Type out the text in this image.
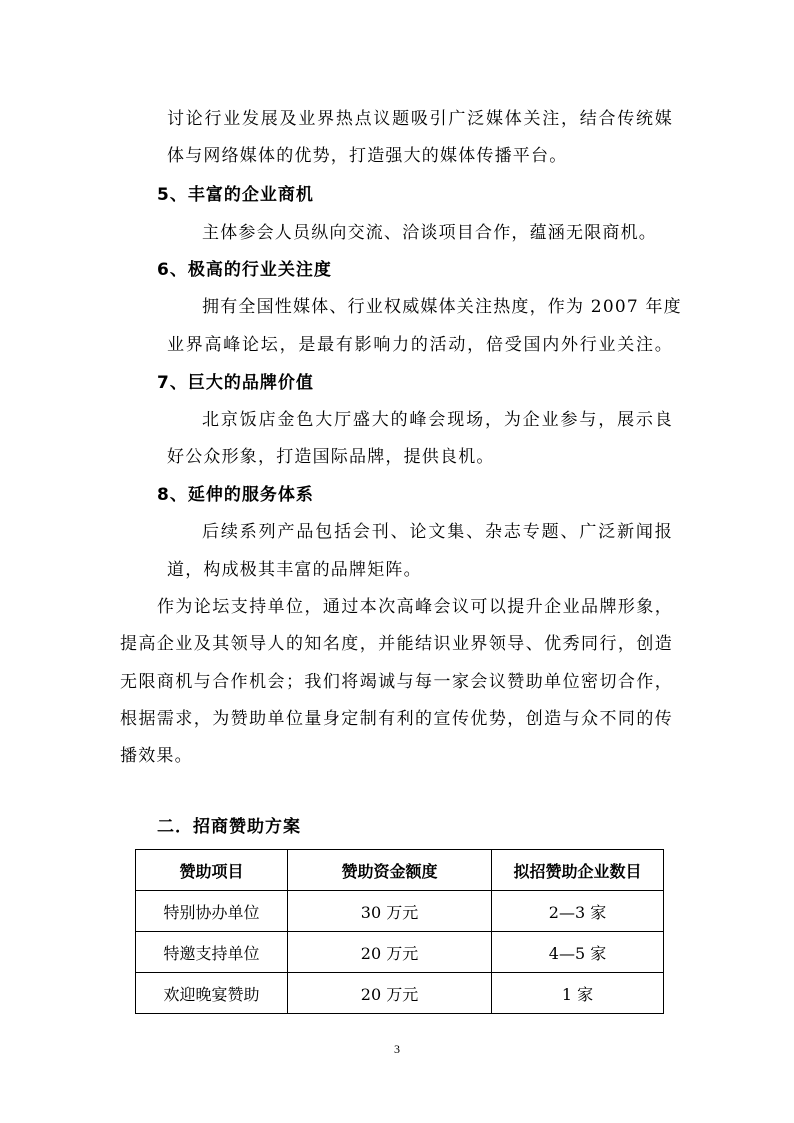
讨论行业发展及业界热点议题吸引广泛媒体关注，结合传统媒
体与网络媒体的优势，打造强大的媒体传播平台。
5、丰富的企业商机
主体参会人员纵向交流、洽谈项目合作，蕴涵无限商机。
6、极高的行业关注度
拥有全国性媒体、行业权威媒体关注热度，作为 2007 年度
业界高峰论坛，是最有影响力的活动，倍受国内外行业关注。
7、巨大的品牌价值
北京饭店金色大厅盛大的峰会现场，为企业参与，展示良
好公众形象，打造国际品牌，提供良机。
8、延伸的服务体系
后续系列产品包括会刊、论文集、杂志专题、广泛新闻报
道，构成极其丰富的品牌矩阵。
作为论坛支持单位，通过本次高峰会议可以提升企业品牌形象，
提高企业及其领导人的知名度，并能结识业界领导、优秀同行，创造
无限商机与合作机会；我们将竭诚与每一家会议赞助单位密切合作，
根据需求，为赞助单位量身定制有利的宣传优势，创造与众不同的传
播效果。
二．招商赞助方案
赞助项目	赞助资金额度	拟招赞助企业数目
特别协办单位	30 万元	2—3 家
特邀支持单位	20 万元	4—5 家
欢迎晚宴赞助	20 万元	1 家
3
